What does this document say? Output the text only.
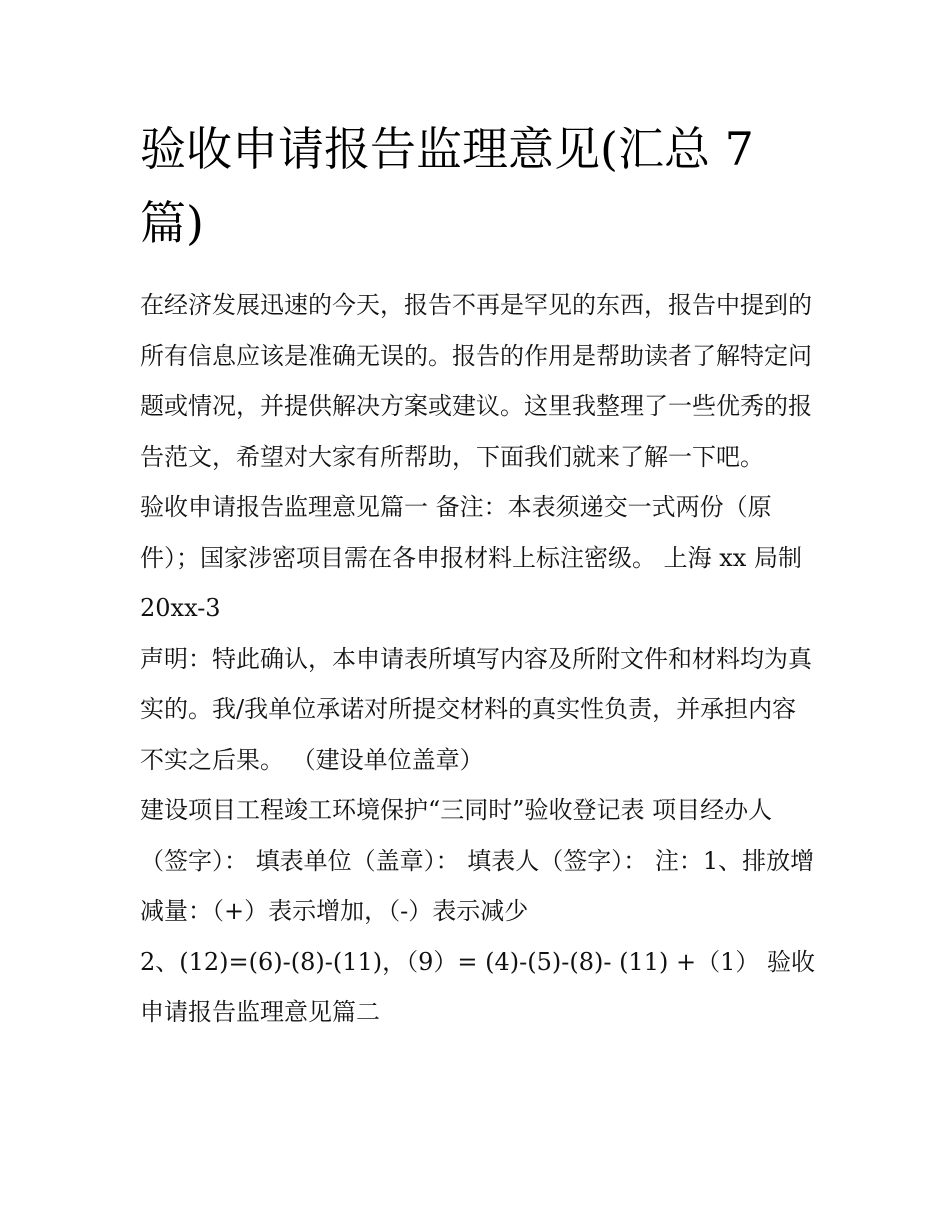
验收申请报告监理意见(汇总 7 篇)

在经济发展迅速的今天，报告不再是罕见的东西，报告中提到的所有信息应该是准确无误的。报告的作用是帮助读者了解特定问题或情况，并提供解决方案或建议。这里我整理了一些优秀的报告范文，希望对大家有所帮助，下面我们就来了解一下吧。

验收申请报告监理意见篇一 备注：本表须递交一式两份（原件）；国家涉密项目需在各申报材料上标注密级。 上海 xx 局制 20xx-3

声明：特此确认，本申请表所填写内容及所附文件和材料均为真实的。我/我单位承诺对所提交材料的真实性负责，并承担内容不实之后果。 （建设单位盖章）

建设项目工程竣工环境保护“三同时”验收登记表 项目经办人（签字）： 填表单位（盖章）： 填表人（签字）： 注：1、排放增减量：（+）表示增加，（-）表示减少

2、(12)=(6)-(8)-(11)，（9）= (4)-(5)-(8)- (11) +（1） 验收申请报告监理意见篇二
